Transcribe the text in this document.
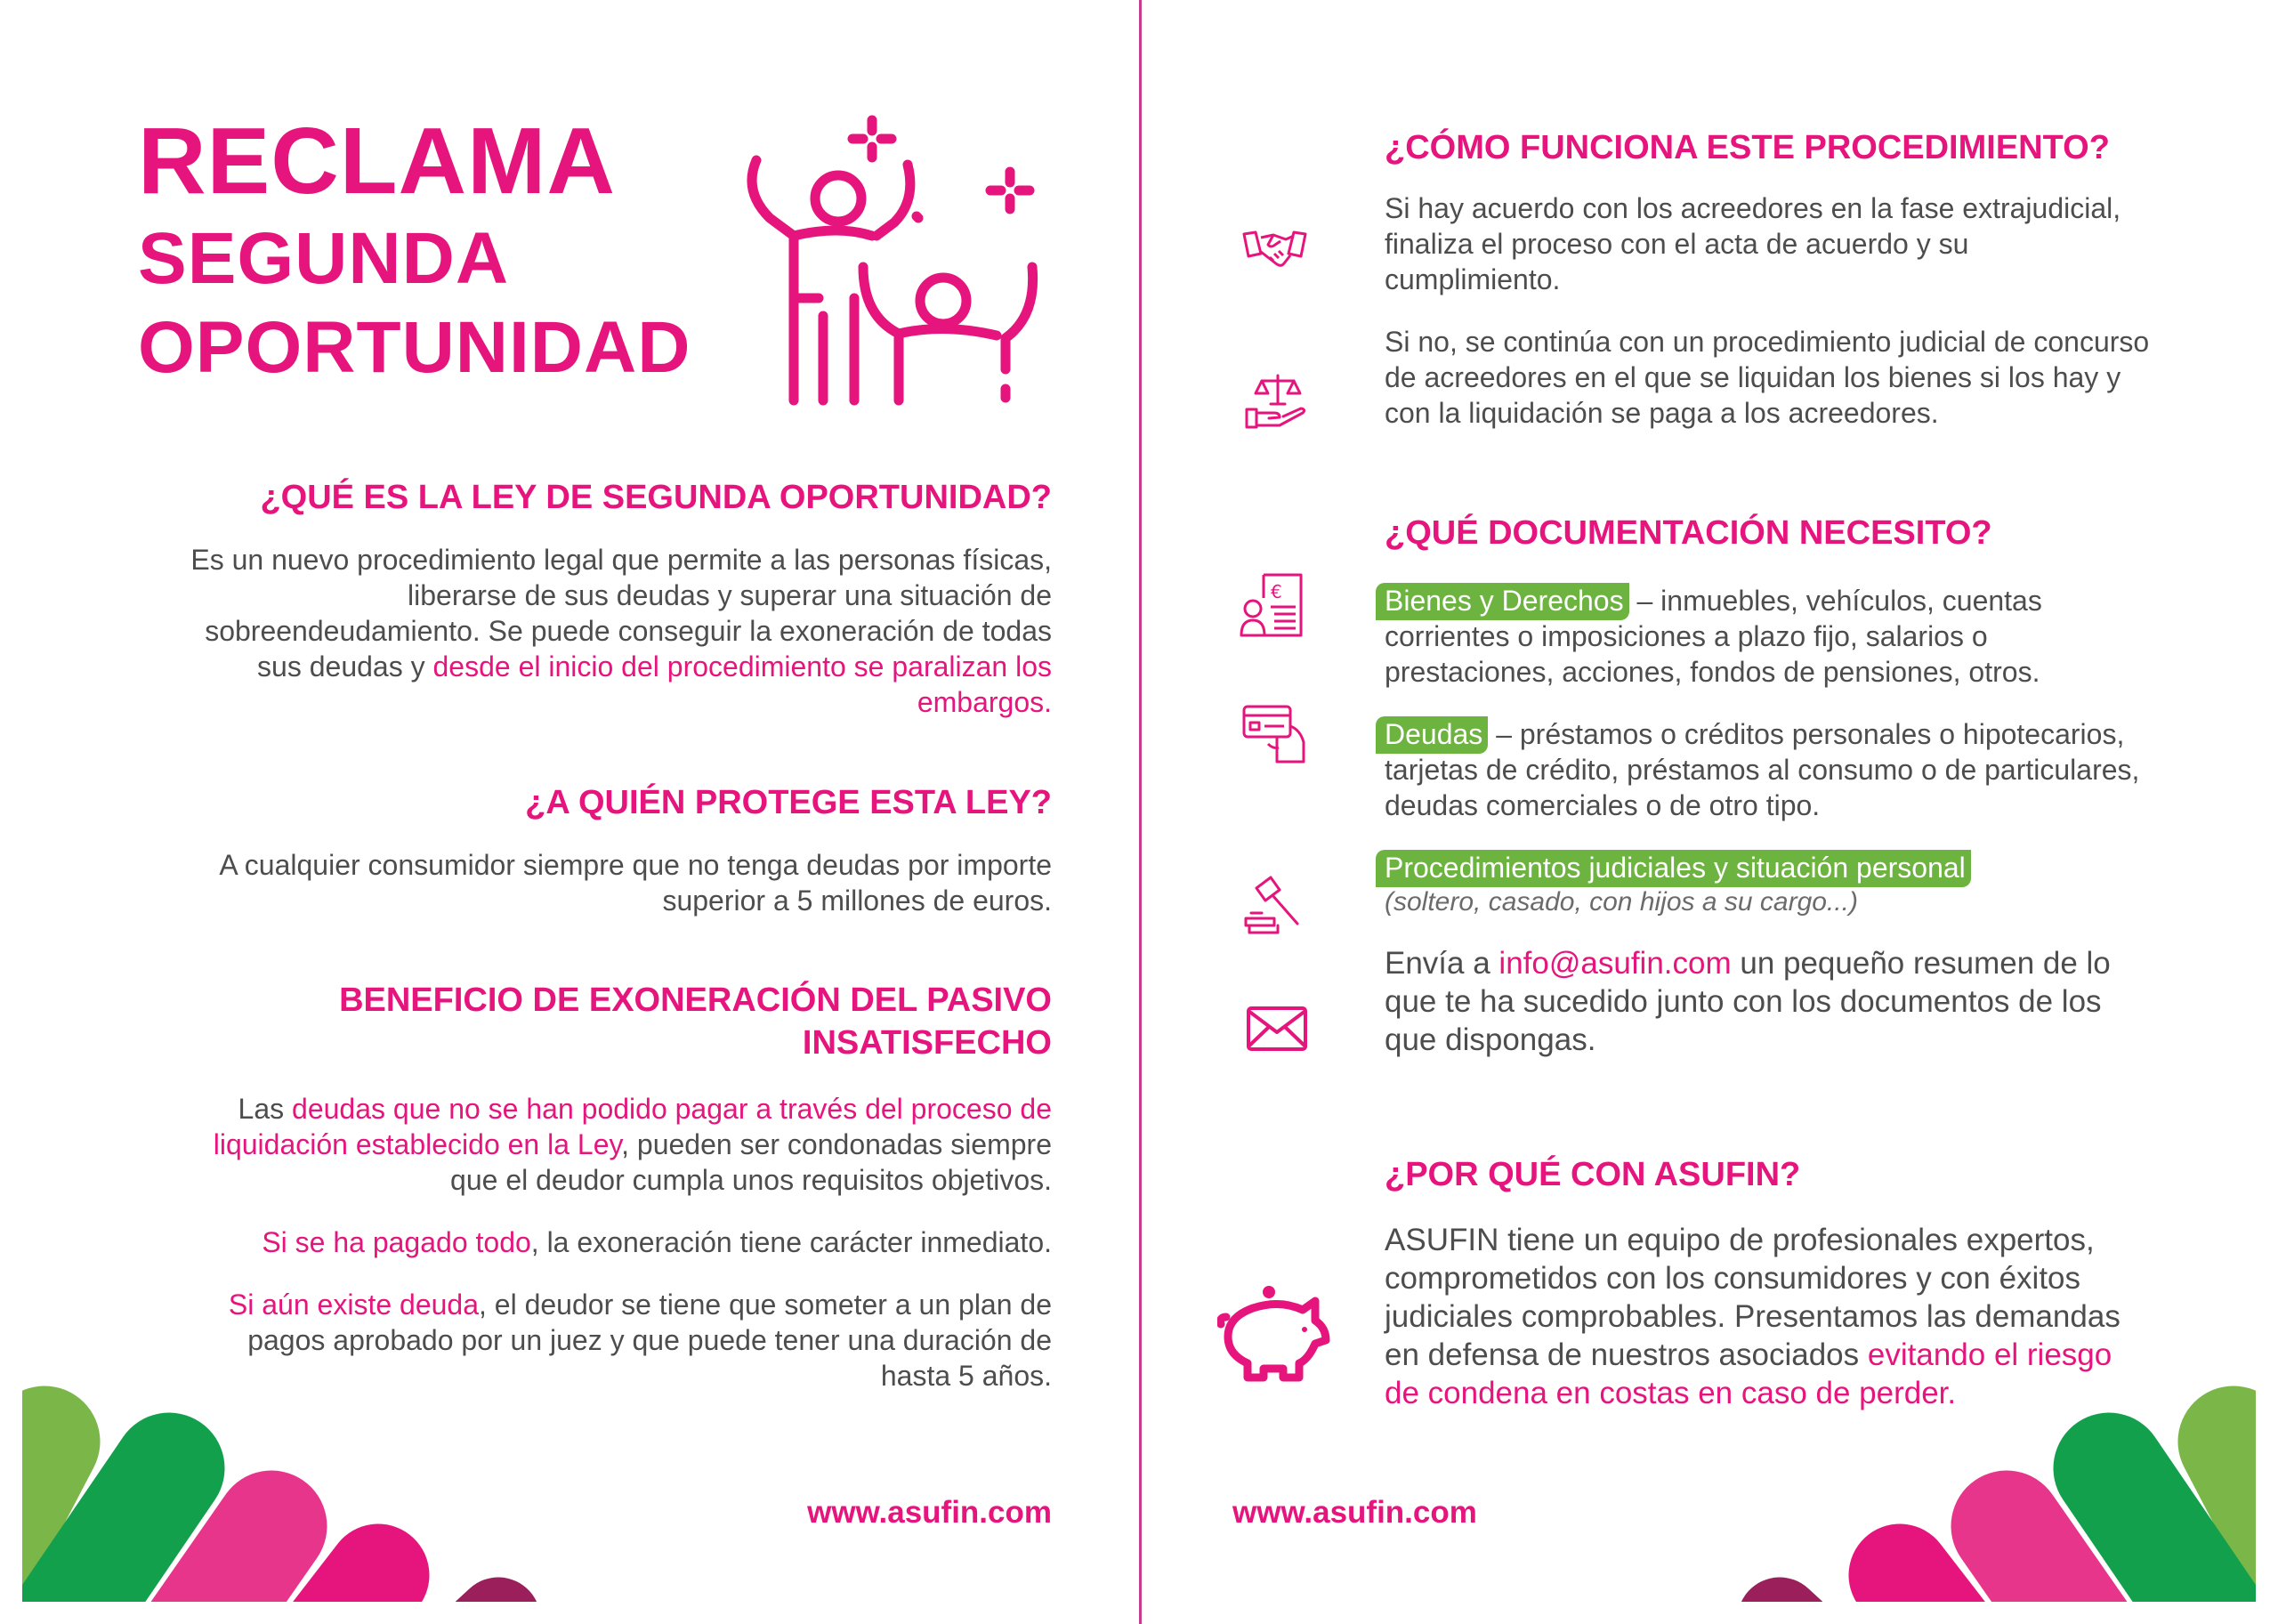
RECLAMA
SEGUNDA
OPORTUNIDAD

¿QUÉ ES LA LEY DE SEGUNDA OPORTUNIDAD?

Es un nuevo procedimiento legal que permite a las personas físicas, liberarse de sus deudas y superar una situación de sobreendeudamiento. Se puede conseguir la exoneración de todas sus deudas y desde el inicio del procedimiento se paralizan los embargos.

¿A QUIÉN PROTEGE ESTA LEY?

A cualquier consumidor siempre que no tenga deudas por importe superior a 5 millones de euros.

BENEFICIO DE EXONERACIÓN DEL PASIVO

INSATISFECHO

Las deudas que no se han podido pagar a través del proceso de liquidación establecido en la Ley, pueden ser condonadas siempre que el deudor cumpla unos requisitos objetivos.

Si se ha pagado todo, la exoneración tiene carácter inmediato.

Si aún existe deuda, el deudor se tiene que someter a un plan de pagos aprobado por un juez y que puede tener una duración de hasta 5 años.

www.asufin.com

¿CÓMO FUNCIONA ESTE PROCEDIMIENTO?

Si hay acuerdo con los acreedores en la fase extrajudicial, finaliza el proceso con el acta de acuerdo y su cumplimiento.

Si no, se continúa con un procedimiento judicial de concurso de acreedores en el que se liquidan los bienes si los hay y con la liquidación se paga a los acreedores.

¿QUÉ DOCUMENTACIÓN NECESITO?

Bienes y Derechos – inmuebles, vehículos, cuentas corrientes o imposiciones a plazo fijo, salarios o prestaciones, acciones, fondos de pensiones, otros.

Deudas – préstamos o créditos personales o hipotecarios, tarjetas de crédito, préstamos al consumo o de particulares, deudas comerciales o de otro tipo.

Procedimientos judiciales y situación personal

(soltero, casado, con hijos a su cargo...)

Envía a info@asufin.com un pequeño resumen de lo que te ha sucedido junto con los documentos de los que dispongas.

€

¿POR QUÉ CON ASUFIN?

ASUFIN tiene un equipo de profesionales expertos, comprometidos con los consumidores y con éxitos judiciales comprobables. Presentamos las demandas en defensa de nuestros asociados evitando el riesgo de condena en costas en caso de perder.

www.asufin.com
